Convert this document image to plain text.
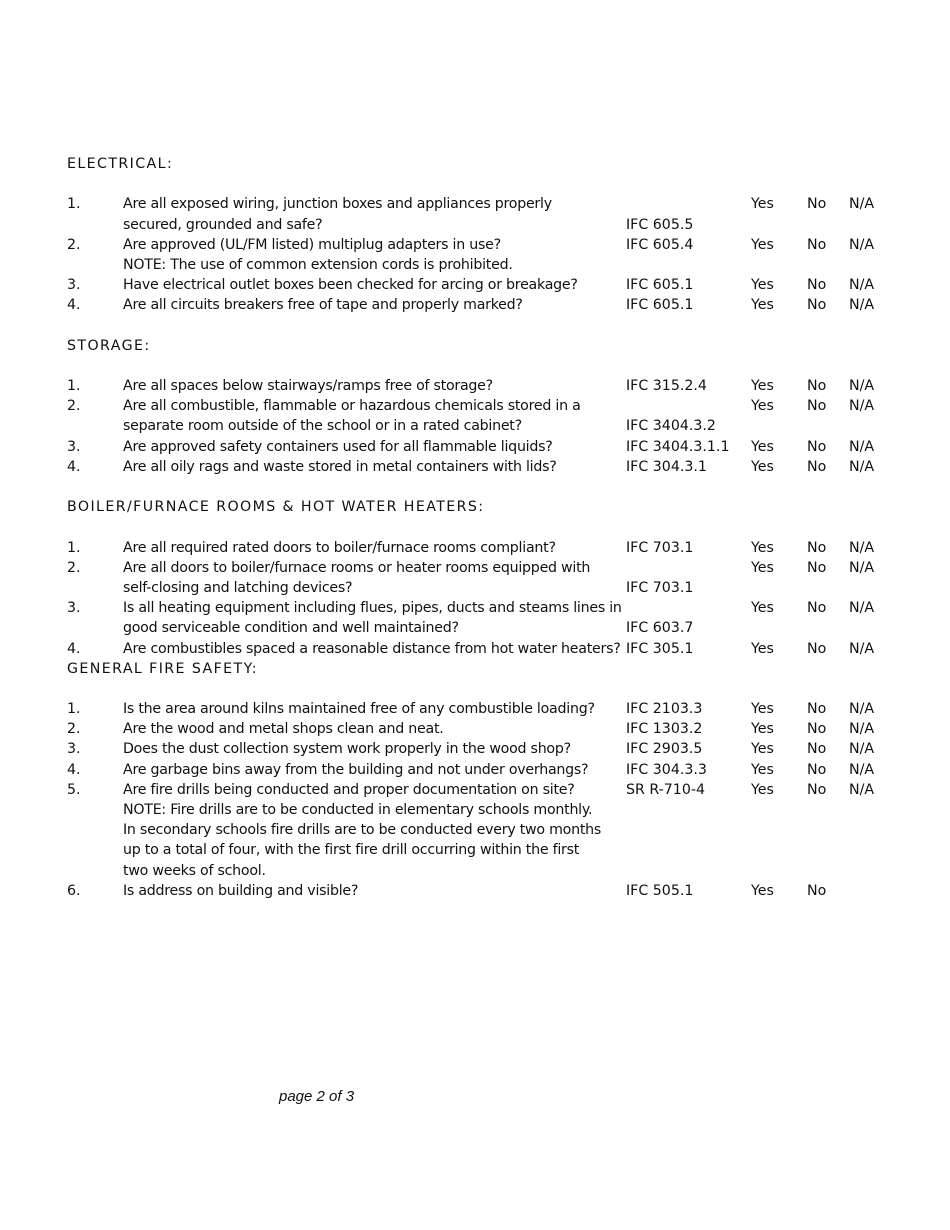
ELECTRICAL:
1.	Are all exposed wiring, junction boxes and appliances properly	Yes No N/A
secured, grounded and safe?	IFC 605.5
2.	Are approved (UL/FM listed) multiplug adapters in use?	IFC 605.4	Yes No N/A
NOTE: The use of common extension cords is prohibited.
3.	Have electrical outlet boxes been checked for arcing or breakage?	IFC 605.1	Yes No N/A
4.	Are all circuits breakers free of tape and properly marked?	IFC 605.1	Yes No N/A
STORAGE:
1.	Are all spaces below stairways/ramps free of storage?	IFC 315.2.4	Yes No N/A
2.	Are all combustible, flammable or hazardous chemicals stored in a	Yes No N/A
separate room outside of the school or in a rated cabinet?	IFC 3404.3.2
3.	Are approved safety containers used for all flammable liquids?	IFC 3404.3.1.1 Yes No N/A
4.	Are all oily rags and waste stored in metal containers with lids?	IFC 304.3.1	Yes No N/A
BOILER/FURNACE ROOMS & HOT WATER HEATERS:
1.	Are all required rated doors to boiler/furnace rooms compliant?	IFC 703.1	Yes No N/A
2.	Are all doors to boiler/furnace rooms or heater rooms equipped with	Yes No N/A
self-closing and latching devices?	IFC 703.1
3.	Is all heating equipment including flues, pipes, ducts and steams lines in	Yes No N/A
good serviceable condition and well maintained?	IFC 603.7
4.	Are combustibles spaced a reasonable distance from hot water heaters? IFC 305.1	Yes No N/A
GENERAL FIRE SAFETY:
1.	Is the area around kilns maintained free of any combustible loading? IFC 2103.3	Yes No N/A
2.	Are the wood and metal shops clean and neat.	IFC 1303.2	Yes No N/A
3.	Does the dust collection system work properly in the wood shop?	IFC 2903.5	Yes No N/A
4.	Are garbage bins away from the building and not under overhangs?	IFC 304.3.3	Yes No N/A
5.	Are fire drills being conducted and proper documentation on site?	SR R-710-4	Yes No N/A
NOTE: Fire drills are to be conducted in elementary schools monthly.
In secondary schools fire drills are to be conducted every two months
up to a total of four, with the first fire drill occurring within the first
two weeks of school.
6.	Is address on building and visible?	IFC 505.1	Yes No
page 2 of 3
